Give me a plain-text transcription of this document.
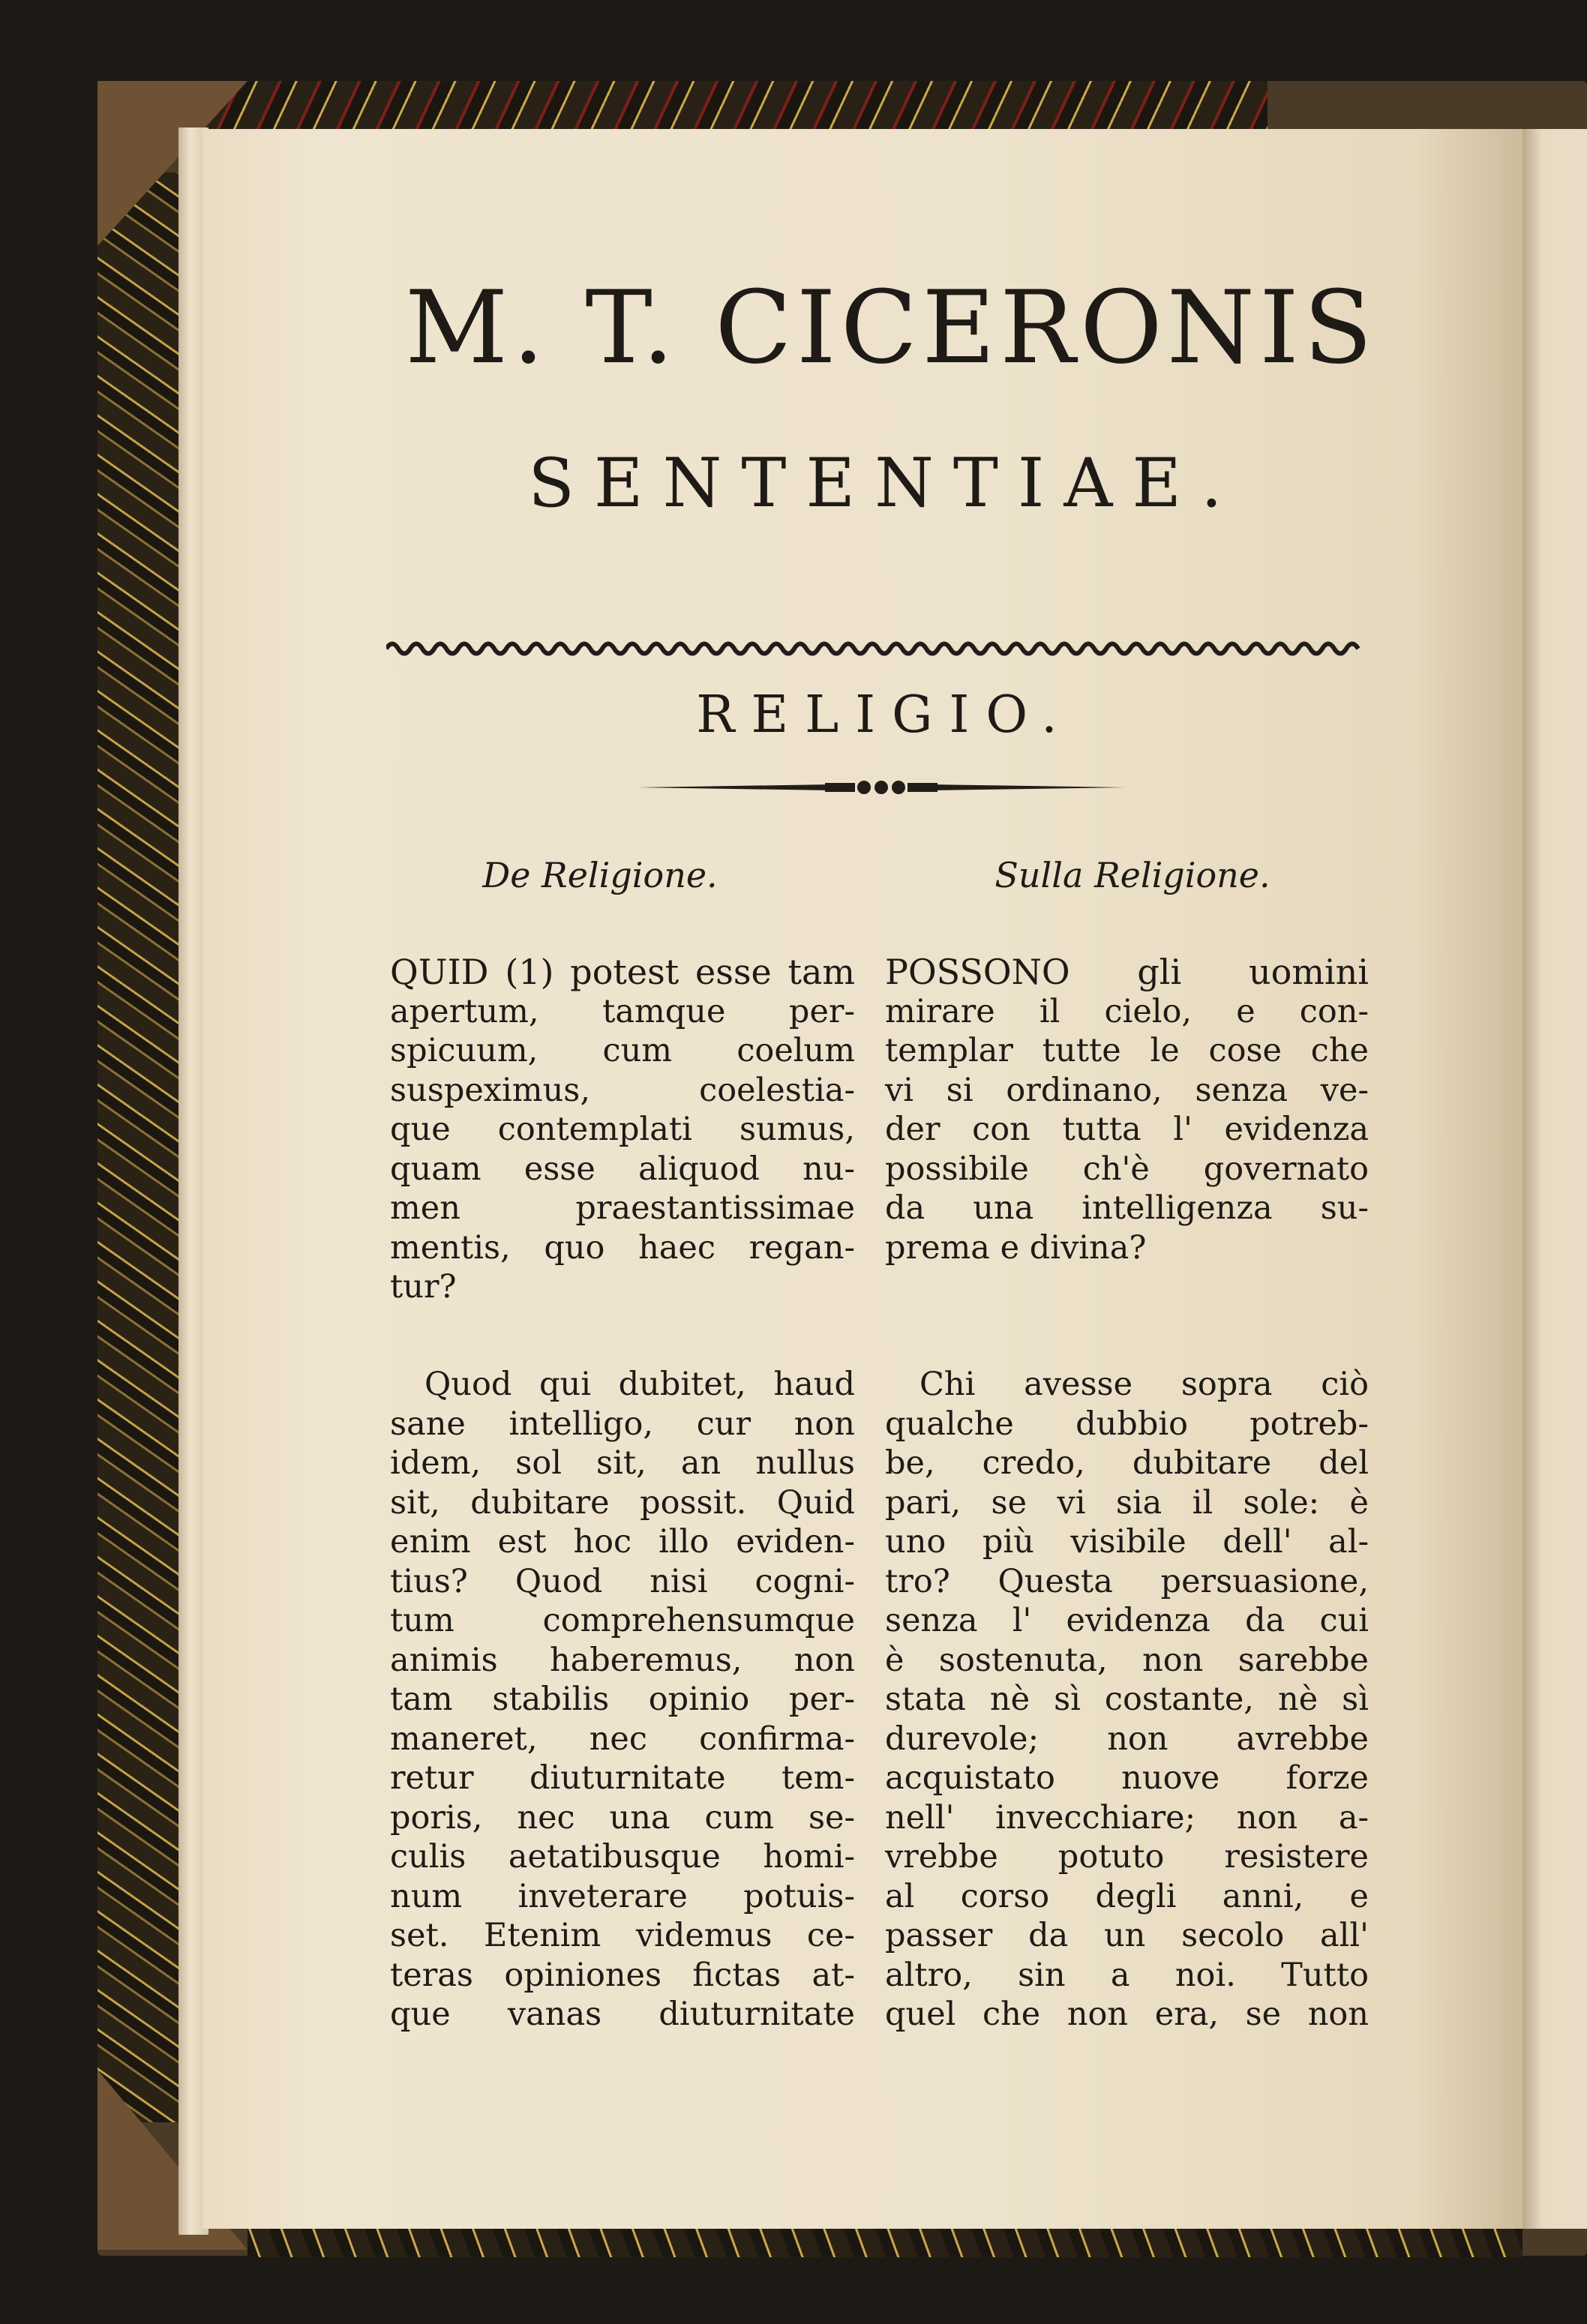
M. T. CICERONIS
SENTENTIAE.
RELIGIO.
De Religione.	Sulla Religione.
QUID (1) potest esse tam
apertum, tamque per-
spicuum, cum coelum
suspeximus, coelestia-
que contemplati sumus,
quam esse aliquod nu-
men praestantissimae
mentis, quo haec regan-
tur?
Quod qui dubitet, haud
sane intelligo, cur non
idem, sol sit, an nullus
sit, dubitare possit. Quid
enim est hoc illo eviden-
tius? Quod nisi cogni-
tum comprehensumque
animis haberemus, non
tam stabilis opinio per-
maneret, nec confirma-
retur diuturnitate tem-
poris, nec una cum se-
culis aetatibusque homi-
num inveterare potuis-
set. Etenim videmus ce-
teras opiniones fictas at-
que vanas diuturnitate
POSSONO gli uomini
mirare il cielo, e con-
templar tutte le cose che
vi si ordinano, senza ve-
der con tutta l' evidenza
possibile ch'è governato
da una intelligenza su-
prema e divina?
Chi avesse sopra ciò
qualche dubbio potreb-
be, credo, dubitare del
pari, se vi sia il sole: è
uno più visibile dell' al-
tro? Questa persuasione,
senza l' evidenza da cui
è sostenuta, non sarebbe
stata nè sì costante, nè sì
durevole; non avrebbe
acquistato nuove forze
nell' invecchiare; non a-
vrebbe potuto resistere
al corso degli anni, e
passer da un secolo all'
altro, sin a noi. Tutto
quel che non era, se non
